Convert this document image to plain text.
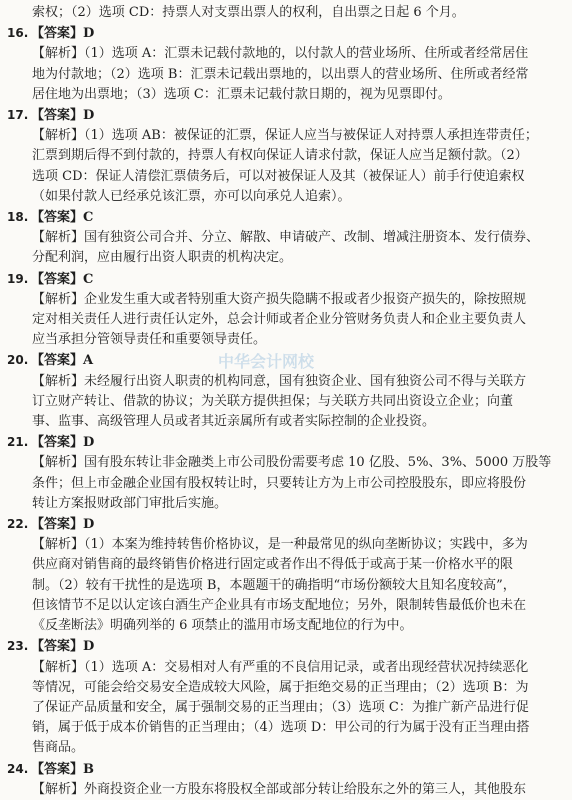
索权；（2）选项 CD：持票人对支票出票人的权利，自出票之日起 6 个月。
16. 【答案】D
【解析】（1）选项 A：汇票未记载付款地的，以付款人的营业场所、住所或者经常居住
地为付款地；（2）选项 B：汇票未记载出票地的，以出票人的营业场所、住所或者经常
居住地为出票地；（3）选项 C：汇票未记载付款日期的，视为见票即付。
17. 【答案】D
【解析】（1）选项 AB：被保证的汇票，保证人应当与被保证人对持票人承担连带责任；
汇票到期后得不到付款的，持票人有权向保证人请求付款，保证人应当足额付款。（2）
选项 CD：保证人清偿汇票债务后，可以对被保证人及其（被保证人）前手行使追索权
（如果付款人已经承兑该汇票，亦可以向承兑人追索）。
18. 【答案】C
【解析】国有独资公司合并、分立、解散、申请破产、改制、增减注册资本、发行债券、
分配利润，应由履行出资人职责的机构决定。
19. 【答案】C
【解析】企业发生重大或者特别重大资产损失隐瞒不报或者少报资产损失的，除按照规
定对相关责任人进行责任认定外，总会计师或者企业分管财务负责人和企业主要负责人
应当承担分管领导责任和重要领导责任。
20. 【答案】A
【解析】未经履行出资人职责的机构同意，国有独资企业、国有独资公司不得与关联方
订立财产转让、借款的协议；为关联方提供担保；与关联方共同出资设立企业；向董
事、监事、高级管理人员或者其近亲属所有或者实际控制的企业投资。
21. 【答案】D
【解析】国有股东转让非金融类上市公司股份需要考虑 10 亿股、5%、3%、5000 万股等
条件；但上市金融企业国有股权转让时，只要转让方为上市公司控股股东，即应将股份
转让方案报财政部门审批后实施。
22. 【答案】D
【解析】（1）本案为维持转售价格协议，是一种最常见的纵向垄断协议；实践中，多为
供应商对销售商的最终销售价格进行固定或者作出不得低于或高于某一价格水平的限
制。（2）较有干扰性的是选项 B，本题题干的确指明“市场份额较大且知名度较高”，
但该情节不足以认定该白酒生产企业具有市场支配地位；另外，限制转售最低价也未在
《反垄断法》明确列举的 6 项禁止的滥用市场支配地位的行为中。
23. 【答案】D
【解析】（1）选项 A：交易相对人有严重的不良信用记录，或者出现经营状况持续恶化
等情况，可能会给交易安全造成较大风险，属于拒绝交易的正当理由；（2）选项 B：为
了保证产品质量和安全，属于强制交易的正当理由；（3）选项 C：为推广新产品进行促
销，属于低于成本价销售的正当理由；（4）选项 D：甲公司的行为属于没有正当理由搭
售商品。
24. 【答案】B
【解析】外商投资企业一方股东将股权全部或部分转让给股东之外的第三人，其他股东
中华会计网校
